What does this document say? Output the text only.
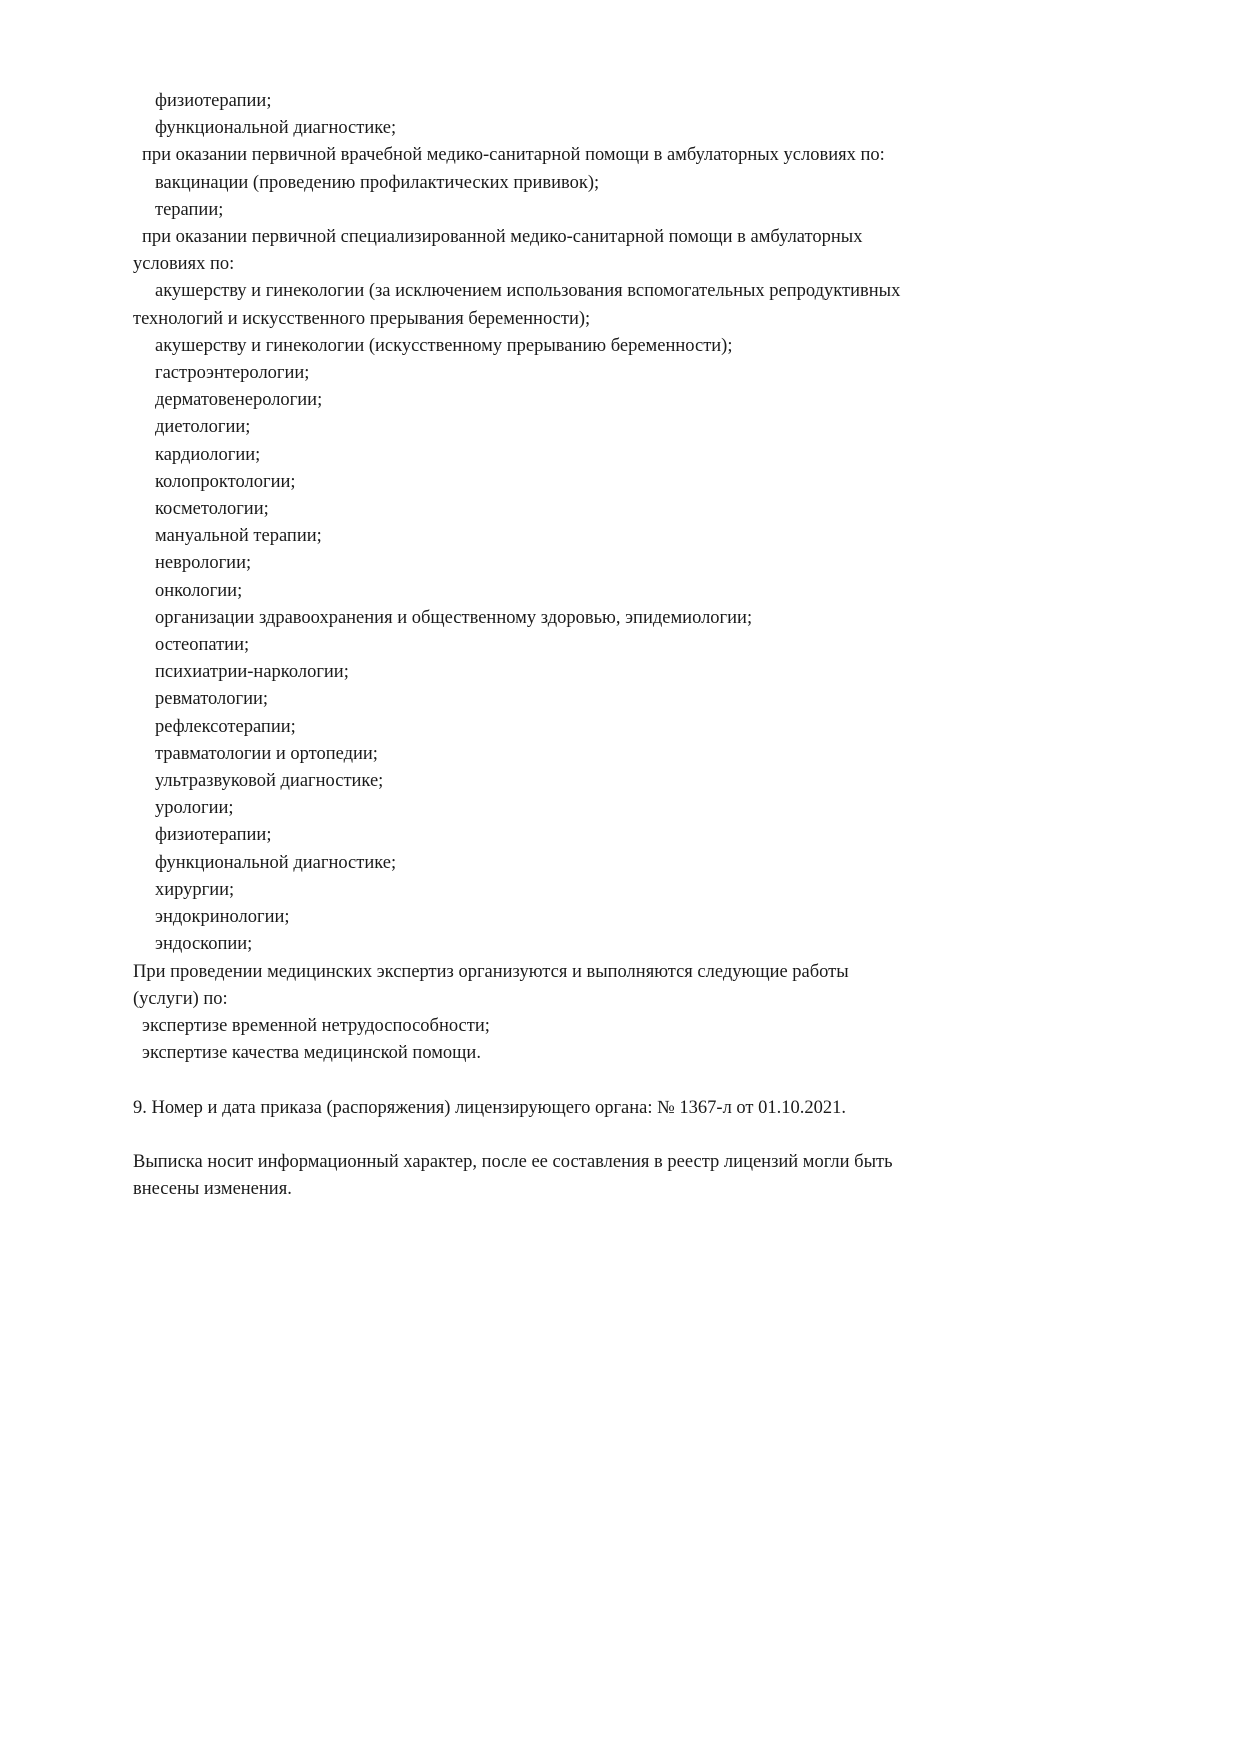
физиотерапии;
функциональной диагностике;
при оказании первичной врачебной медико-санитарной помощи в амбулаторных условиях по:
вакцинации (проведению профилактических прививок);
терапии;
при оказании первичной специализированной медико-санитарной помощи в амбулаторных
условиях по:
акушерству и гинекологии (за исключением использования вспомогательных репродуктивных
технологий и искусственного прерывания беременности);
акушерству и гинекологии (искусственному прерыванию беременности);
гастроэнтерологии;
дерматовенерологии;
диетологии;
кардиологии;
колопроктологии;
косметологии;
мануальной терапии;
неврологии;
онкологии;
организации здравоохранения и общественному здоровью, эпидемиологии;
остеопатии;
психиатрии-наркологии;
ревматологии;
рефлексотерапии;
травматологии и ортопедии;
ультразвуковой диагностике;
урологии;
физиотерапии;
функциональной диагностике;
хирургии;
эндокринологии;
эндоскопии;
При проведении медицинских экспертиз организуются и выполняются следующие работы
(услуги) по:
экспертизе временной нетрудоспособности;
экспертизе качества медицинской помощи.

9. Номер и дата приказа (распоряжения) лицензирующего органа: № 1367-л от 01.10.2021.

Выписка носит информационный характер, после ее составления в реестр лицензий могли быть
внесены изменения.
